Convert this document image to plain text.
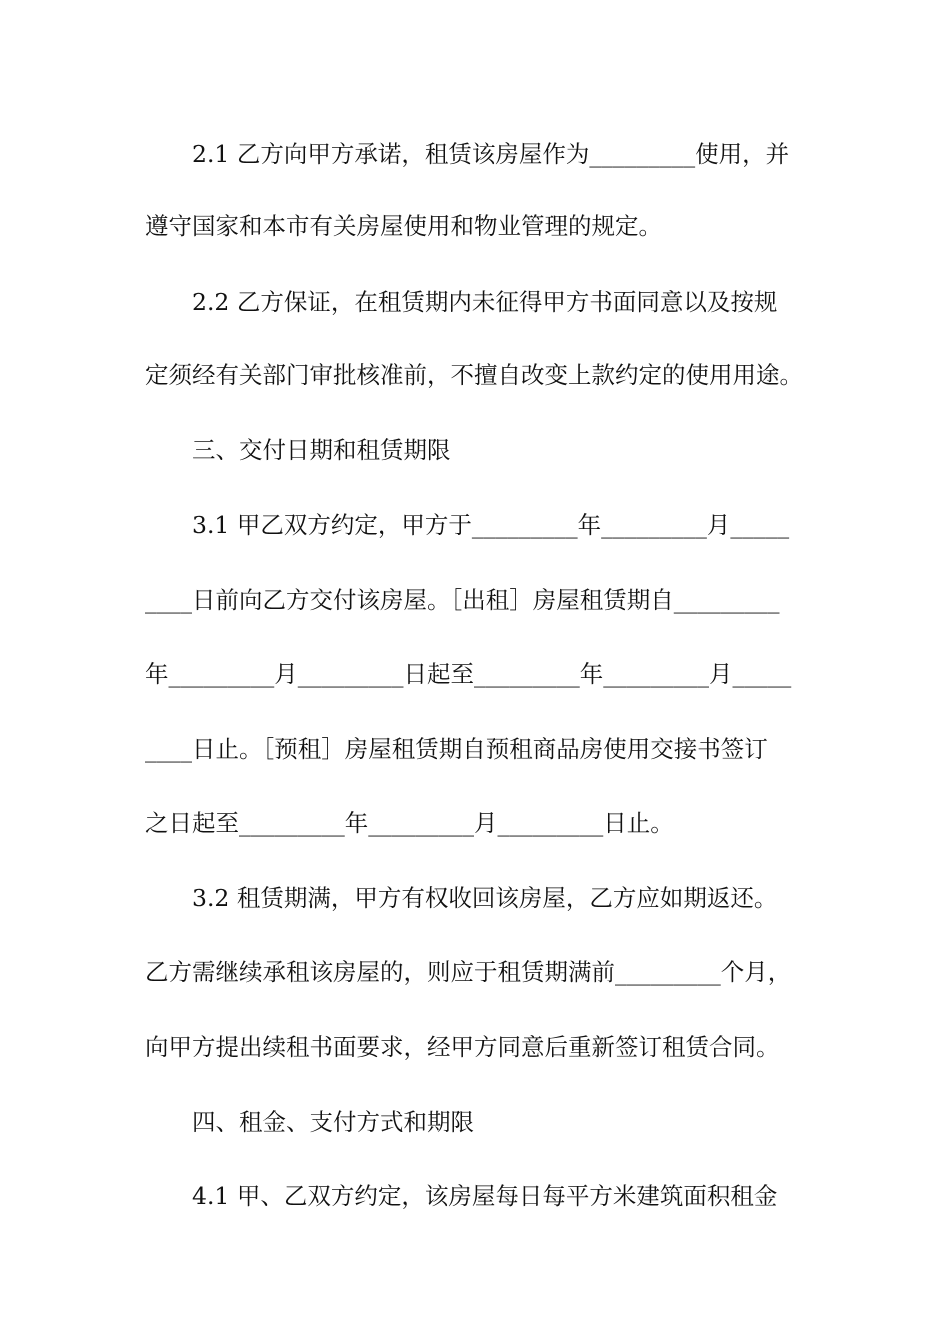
2.1 乙方向甲方承诺，租赁该房屋作为_________使用，并
遵守国家和本市有关房屋使用和物业管理的规定。
2.2 乙方保证，在租赁期内未征得甲方书面同意以及按规
定须经有关部门审批核准前，不擅自改变上款约定的使用用途。
三、交付日期和租赁期限
3.1 甲乙双方约定，甲方于_________年_________月_____
____日前向乙方交付该房屋。［出租］房屋租赁期自_________
年_________月_________日起至_________年_________月_____
____日止。［预租］房屋租赁期自预租商品房使用交接书签订
之日起至_________年_________月_________日止。
3.2 租赁期满，甲方有权收回该房屋，乙方应如期返还。
乙方需继续承租该房屋的，则应于租赁期满前_________个月，
向甲方提出续租书面要求，经甲方同意后重新签订租赁合同。
四、租金、支付方式和期限
4.1 甲、乙双方约定，该房屋每日每平方米建筑面积租金
